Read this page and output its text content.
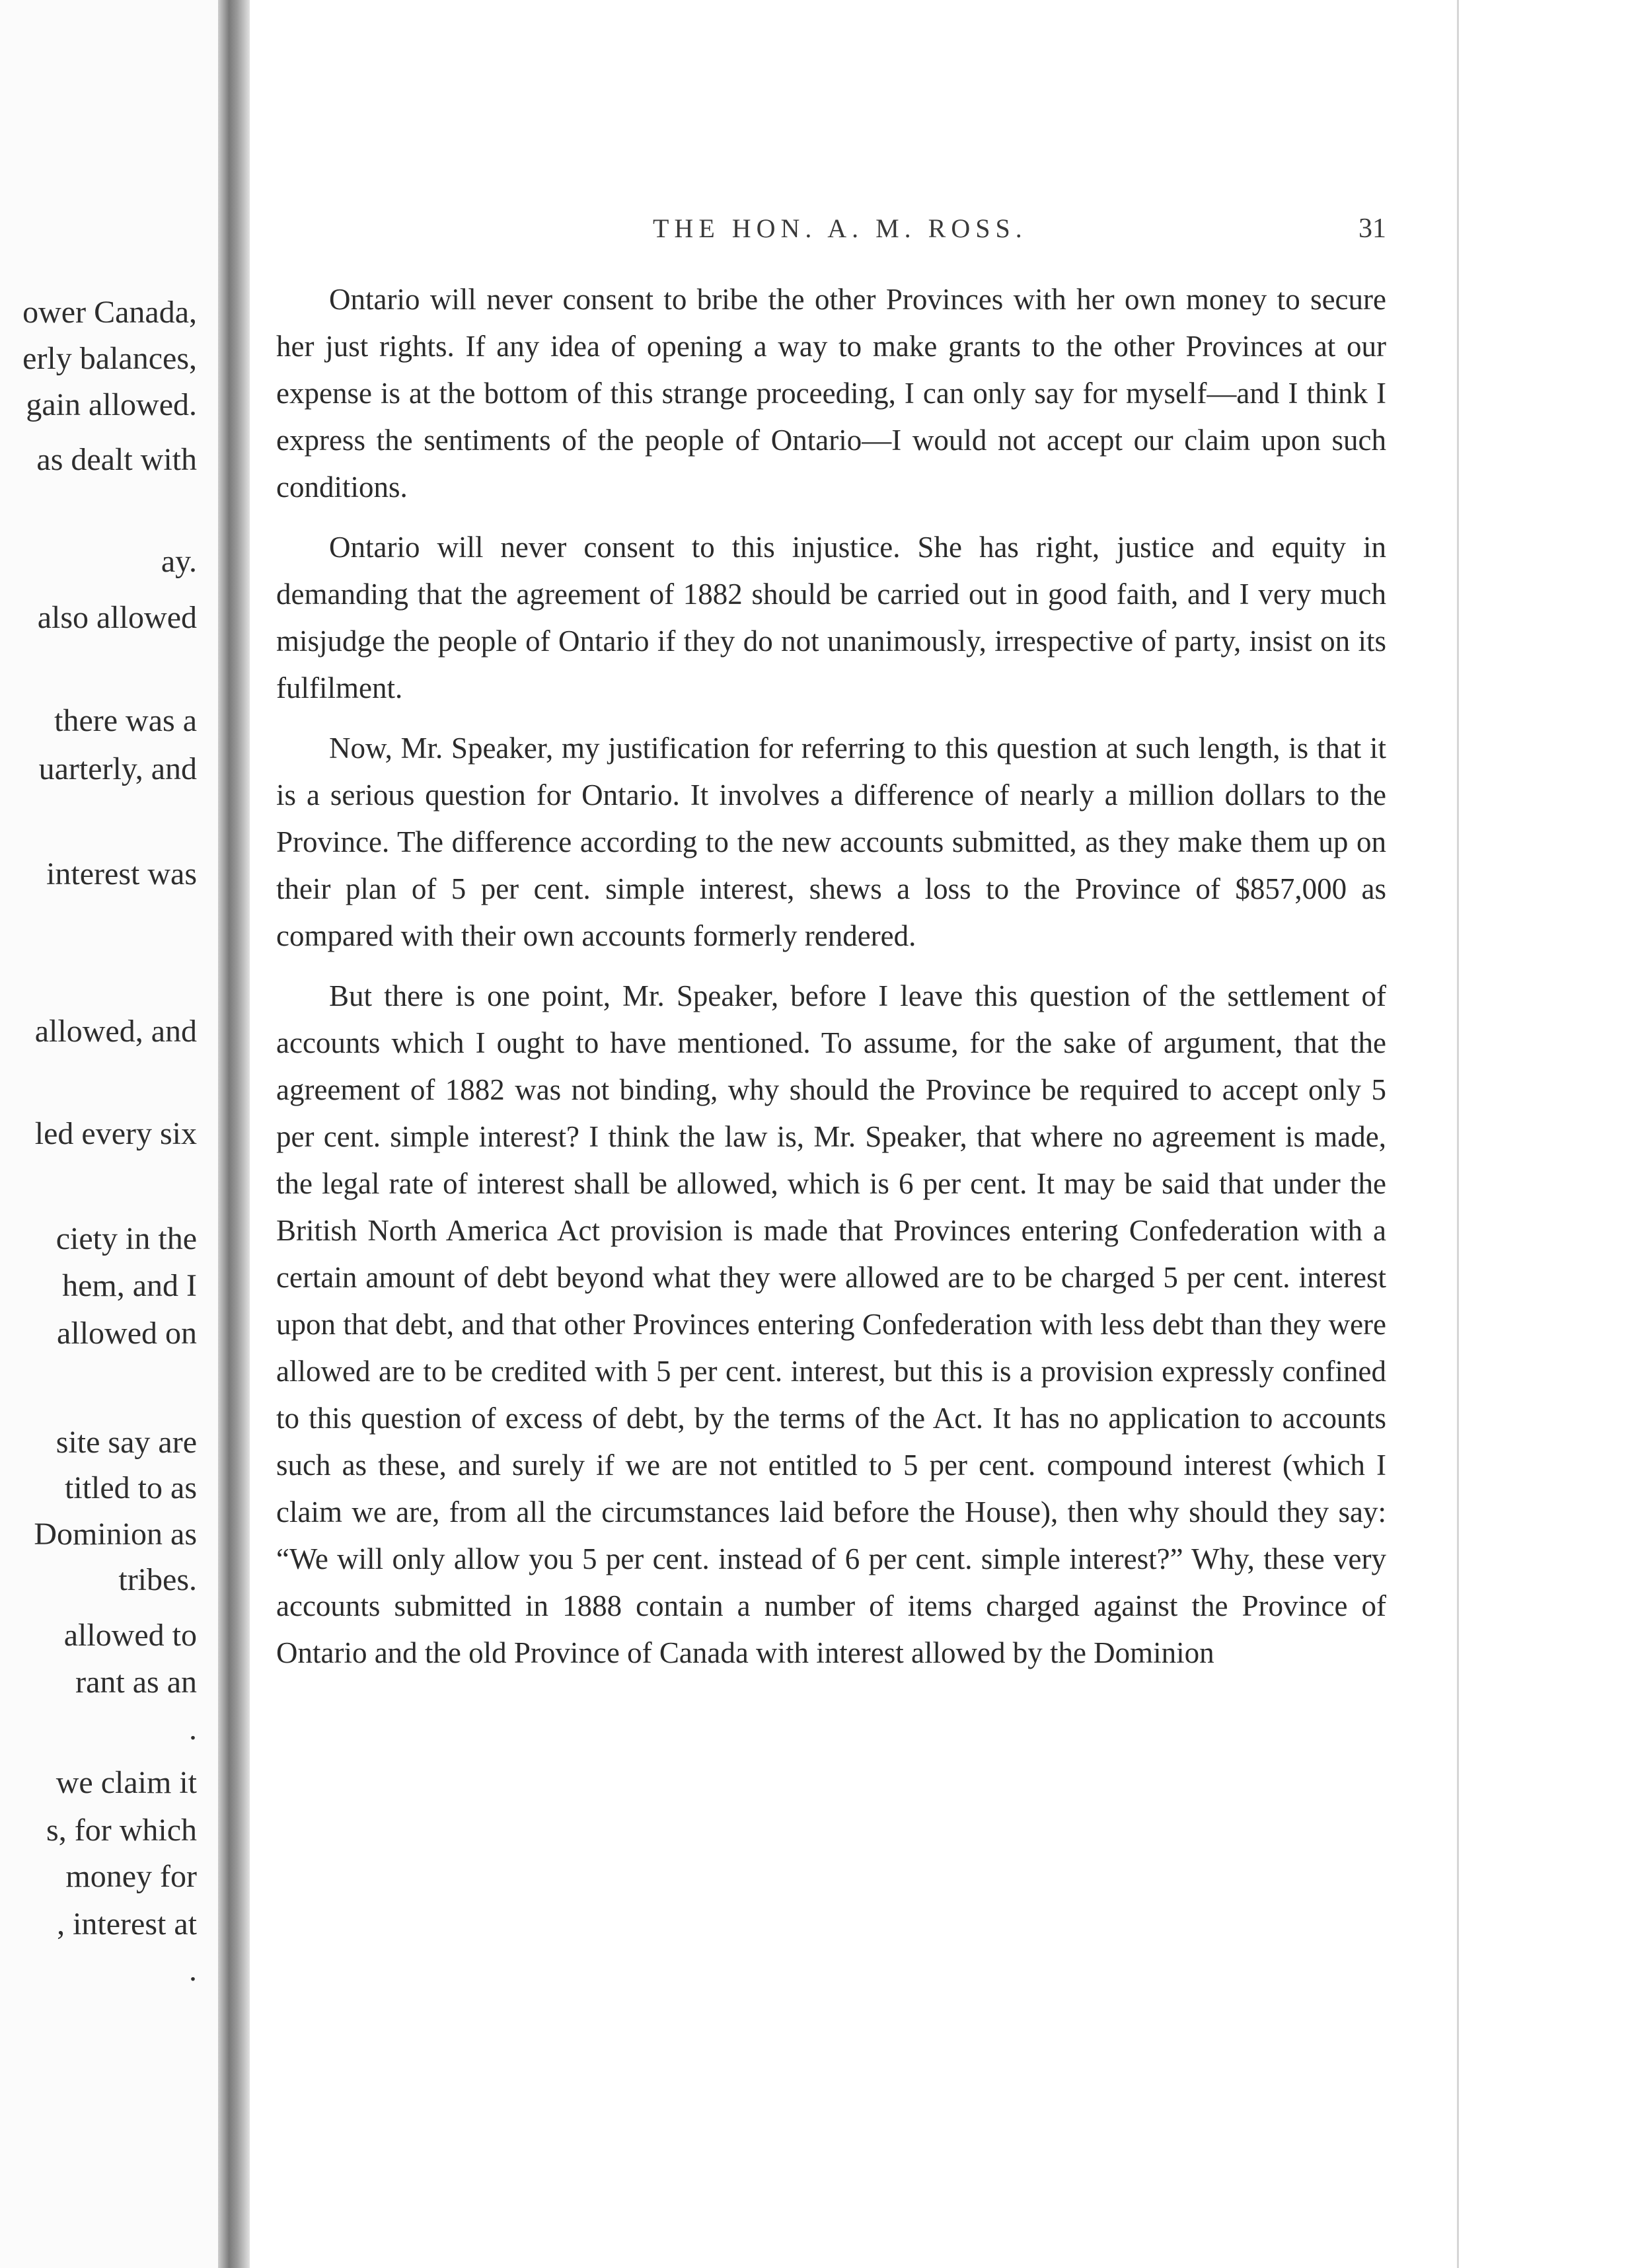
ower Canada,
erly balances,
gain allowed.
as dealt with
ay.
also allowed
there was a
uarterly, and
interest was
allowed, and
led every six
ciety in the
hem, and I
allowed on
site say are
titled to as
Dominion as
tribes.
allowed to
rant as an
.
we claim it
s, for which
money for
, interest at
.
THE HON. A. M. ROSS.	31

Ontario will never consent to bribe the other Provinces with her own money to secure her just rights. If any idea of opening a way to make grants to the other Provinces at our expense is at the bottom of this strange proceeding, I can only say for myself—and I think I express the sentiments of the people of Ontario—I would not accept our claim upon such conditions.

Ontario will never consent to this injustice. She has right, justice and equity in demanding that the agreement of 1882 should be carried out in good faith, and I very much misjudge the people of Ontario if they do not unanimously, irrespective of party, insist on its fulfilment.

Now, Mr. Speaker, my justification for referring to this question at such length, is that it is a serious question for Ontario. It involves a difference of nearly a million dollars to the Province. The difference according to the new accounts submitted, as they make them up on their plan of 5 per cent. simple interest, shews a loss to the Province of $857,000 as compared with their own accounts formerly rendered.

But there is one point, Mr. Speaker, before I leave this question of the settlement of accounts which I ought to have mentioned. To assume, for the sake of argument, that the agreement of 1882 was not binding, why should the Province be required to accept only 5 per cent. simple interest? I think the law is, Mr. Speaker, that where no agreement is made, the legal rate of interest shall be allowed, which is 6 per cent. It may be said that under the British North America Act provision is made that Provinces entering Confederation with a certain amount of debt beyond what they were allowed are to be charged 5 per cent. interest upon that debt, and that other Provinces entering Confederation with less debt than they were allowed are to be credited with 5 per cent. interest, but this is a provision expressly confined to this question of excess of debt, by the terms of the Act. It has no application to accounts such as these, and surely if we are not entitled to 5 per cent. compound interest (which I claim we are, from all the circumstances laid before the House), then why should they say: “We will only allow you 5 per cent. instead of 6 per cent. simple interest?” Why, these very accounts submitted in 1888 contain a number of items charged against the Province of Ontario and the old Province of Canada with interest allowed by the Dominion
